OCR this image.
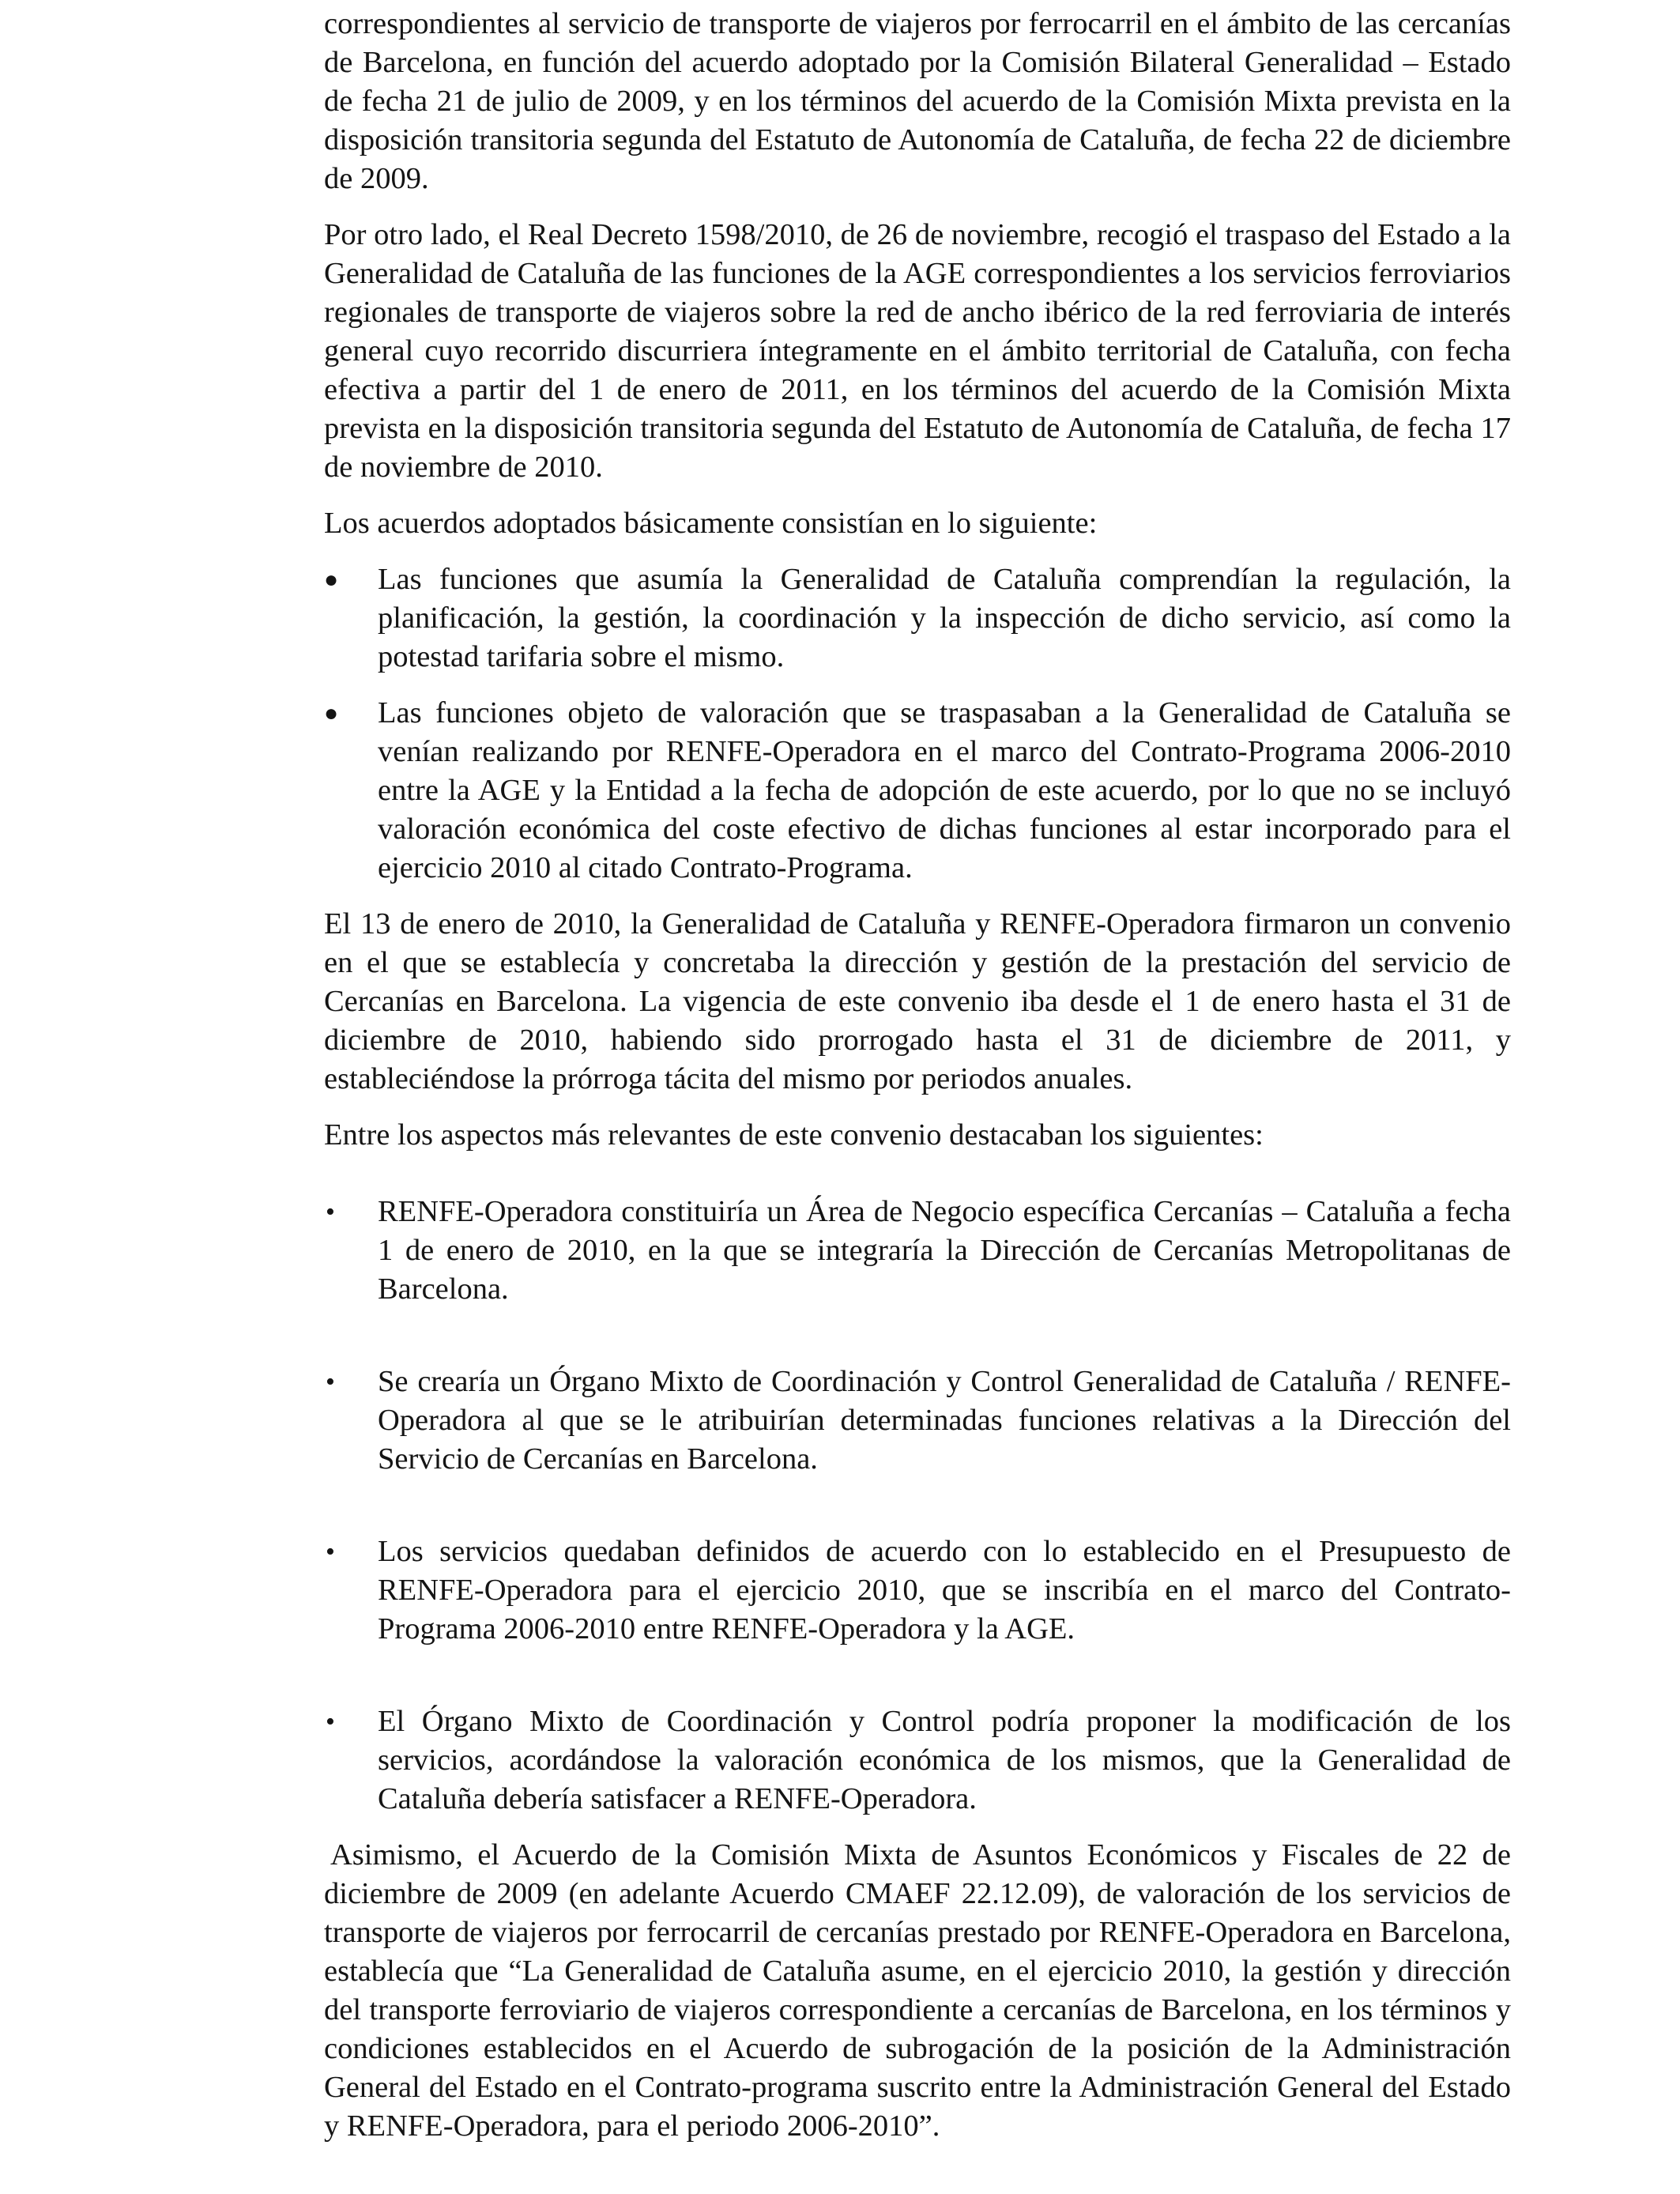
correspondientes al servicio de transporte de viajeros por ferrocarril en el ámbito de las cercanías de Barcelona, en función del acuerdo adoptado por la Comisión Bilateral Generalidad – Estado de fecha 21 de julio de 2009, y en los términos del acuerdo de la Comisión Mixta prevista en la disposición transitoria segunda del Estatuto de Autonomía de Cataluña, de fecha 22 de diciembre de 2009.

Por otro lado, el Real Decreto 1598/2010, de 26 de noviembre, recogió el traspaso del Estado a la Generalidad de Cataluña de las funciones de la AGE correspondientes a los servicios ferroviarios regionales de transporte de viajeros sobre la red de ancho ibérico de la red ferroviaria de interés general cuyo recorrido discurriera íntegramente en el ámbito territorial de Cataluña, con fecha efectiva a partir del 1 de enero de 2011, en los términos del acuerdo de la Comisión Mixta prevista en la disposición transitoria segunda del Estatuto de Autonomía de Cataluña, de fecha 17 de noviembre de 2010.

Los acuerdos adoptados básicamente consistían en lo siguiente:

●	Las funciones que asumía la Generalidad de Cataluña comprendían la regulación, la planificación, la gestión, la coordinación y la inspección de dicho servicio, así como la potestad tarifaria sobre el mismo.
●	Las funciones objeto de valoración que se traspasaban a la Generalidad de Cataluña se venían realizando por RENFE-Operadora en el marco del Contrato-Programa 2006-2010 entre la AGE y la Entidad a la fecha de adopción de este acuerdo, por lo que no se incluyó valoración económica del coste efectivo de dichas funciones al estar incorporado para el ejercicio 2010 al citado Contrato-Programa.

El 13 de enero de 2010, la Generalidad de Cataluña y RENFE-Operadora firmaron un convenio en el que se establecía y concretaba la dirección y gestión de la prestación del servicio de Cercanías en Barcelona. La vigencia de este convenio iba desde el 1 de enero hasta el 31 de diciembre de 2010, habiendo sido prorrogado hasta el 31 de diciembre de 2011, y estableciéndose la prórroga tácita del mismo por periodos anuales.

Entre los aspectos más relevantes de este convenio destacaban los siguientes:

•	RENFE-Operadora constituiría un Área de Negocio específica Cercanías – Cataluña a fecha 1 de enero de 2010, en la que se integraría la Dirección de Cercanías Metropolitanas de Barcelona.
•	Se crearía un Órgano Mixto de Coordinación y Control Generalidad de Cataluña / RENFE-Operadora al que se le atribuirían determinadas funciones relativas a la Dirección del Servicio de Cercanías en Barcelona.
•	Los servicios quedaban definidos de acuerdo con lo establecido en el Presupuesto de RENFE-Operadora para el ejercicio 2010, que se inscribía en el marco del Contrato-Programa 2006-2010 entre RENFE-Operadora y la AGE.
•	El Órgano Mixto de Coordinación y Control podría proponer la modificación de los servicios, acordándose la valoración económica de los mismos, que la Generalidad de Cataluña debería satisfacer a RENFE-Operadora.

Asimismo, el Acuerdo de la Comisión Mixta de Asuntos Económicos y Fiscales de 22 de diciembre de 2009 (en adelante Acuerdo CMAEF 22.12.09), de valoración de los servicios de transporte de viajeros por ferrocarril de cercanías prestado por RENFE-Operadora en Barcelona, establecía que “La Generalidad de Cataluña asume, en el ejercicio 2010, la gestión y dirección del transporte ferroviario de viajeros correspondiente a cercanías de Barcelona, en los términos y condiciones establecidos en el Acuerdo de subrogación de la posición de la Administración General del Estado en el Contrato-programa suscrito entre la Administración General del Estado y RENFE-Operadora, para el periodo 2006-2010”.
